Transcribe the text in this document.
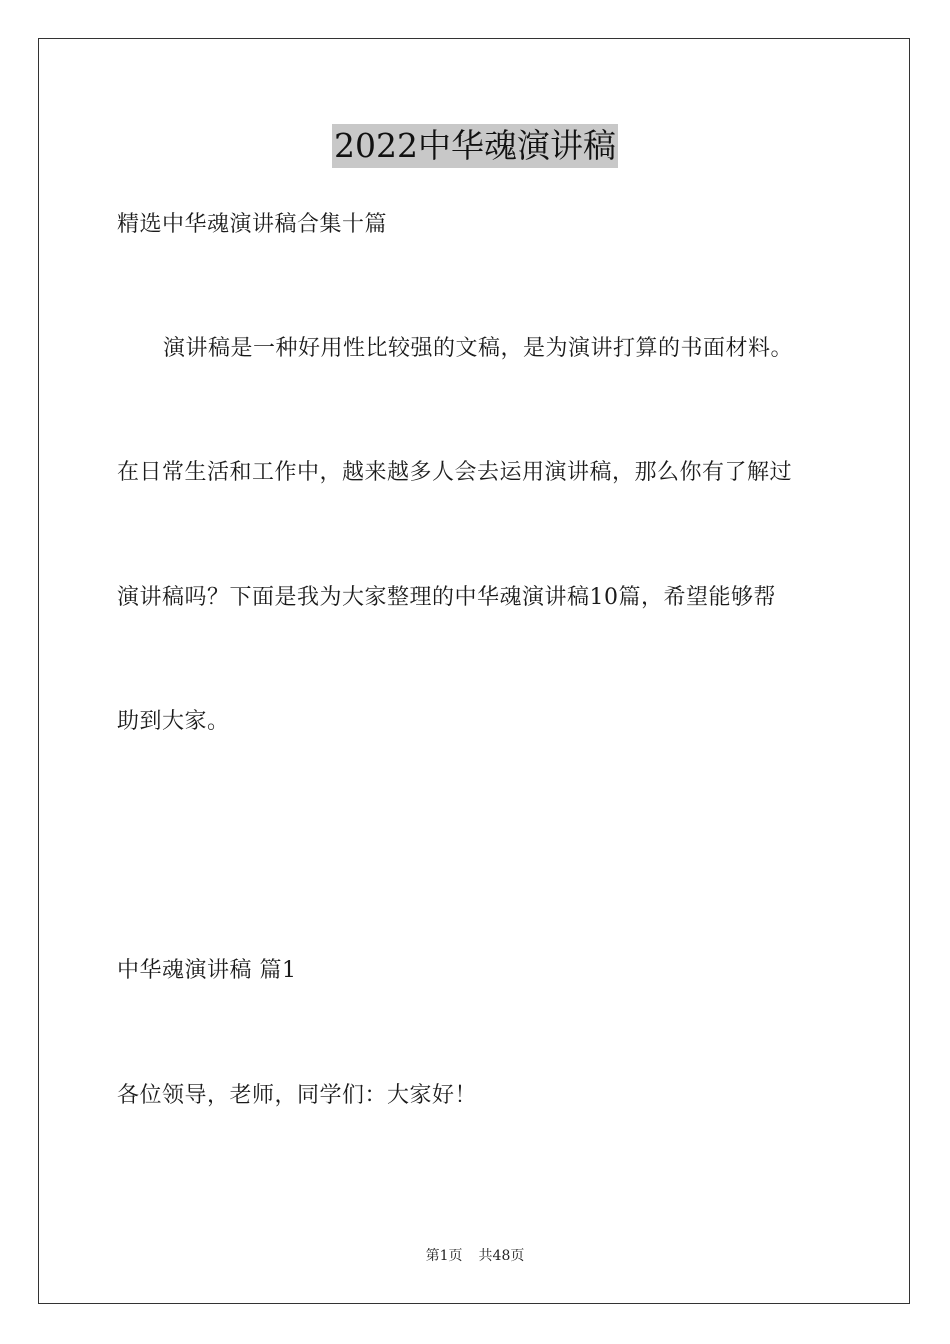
2022中华魂演讲稿
精选中华魂演讲稿合集十篇
演讲稿是一种好用性比较强的文稿，是为演讲打算的书面材料。
在日常生活和工作中，越来越多人会去运用演讲稿，那么你有了解过
演讲稿吗？下面是我为大家整理的中华魂演讲稿10篇，希望能够帮
助到大家。
中华魂演讲稿 篇1
各位领导，老师，同学们：大家好！
第1页 共48页
